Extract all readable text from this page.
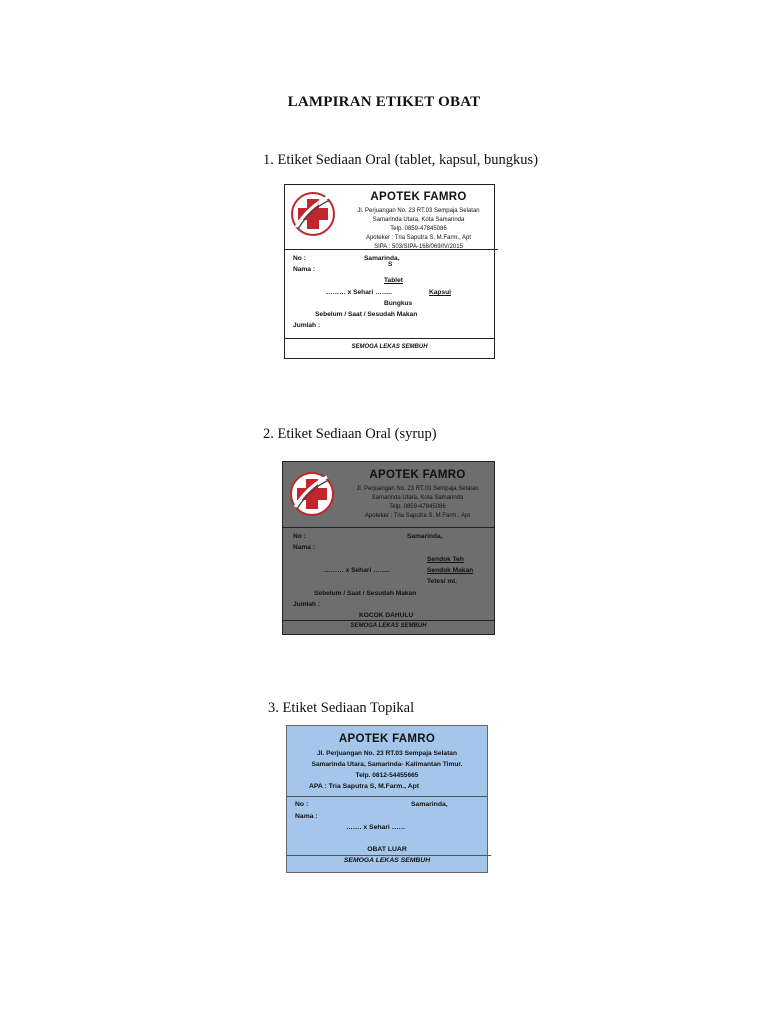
LAMPIRAN ETIKET OBAT
1. Etiket Sediaan Oral (tablet, kapsul, bungkus)
2. Etiket Sediaan Oral (syrup)
3. Etiket Sediaan Topikal
APOTEK FAMRO
Jl. Perjuangan No. 23 RT.03 Sempaja Selatan
Samarinda Utara, Kota Samarinda
Telp. 0859-47845086
Apoteker : Tria Saputra S, M.Farm., Apt
SIPA : 503/SIPA-168/069/IV/2015
No :
Nama :
Samarinda,
S
Tablet
……… x Sehari ……..	Kapsul
Bungkus
Sebelum / Saat / Sesudah Makan
Jumlah :
SEMOGA LEKAS SEMBUH
APOTEK FAMRO
Jl. Perjuangan No. 23 RT.03 Sempaja Selatan
Samarinda Utara, Kota Samarinda
Telp. 0859-47845086
Apoteker : Tria Saputra S, M.Farm., Apt
No :
Nama :
Samarinda,
Sendok Teh
……… x Sehari ……..	Sendok Makan
Tetes/ ml.
Sebelum / Saat / Sesudah Makan
Jumlah :
KOCOK DAHULU
SEMOGA LEKAS SEMBUH
APOTEK FAMRO
Jl. Perjuangan No. 23 RT.03 Sempaja Selatan
Samarinda Utara, Samarinda- Kalimantan Timur.
Telp. 0812-54455665
APA : Tria Saputra S, M.Farm., Apt
No :
Nama :
Samarinda,
……. x Sehari ……
OBAT LUAR
SEMOGA LEKAS SEMBUH
